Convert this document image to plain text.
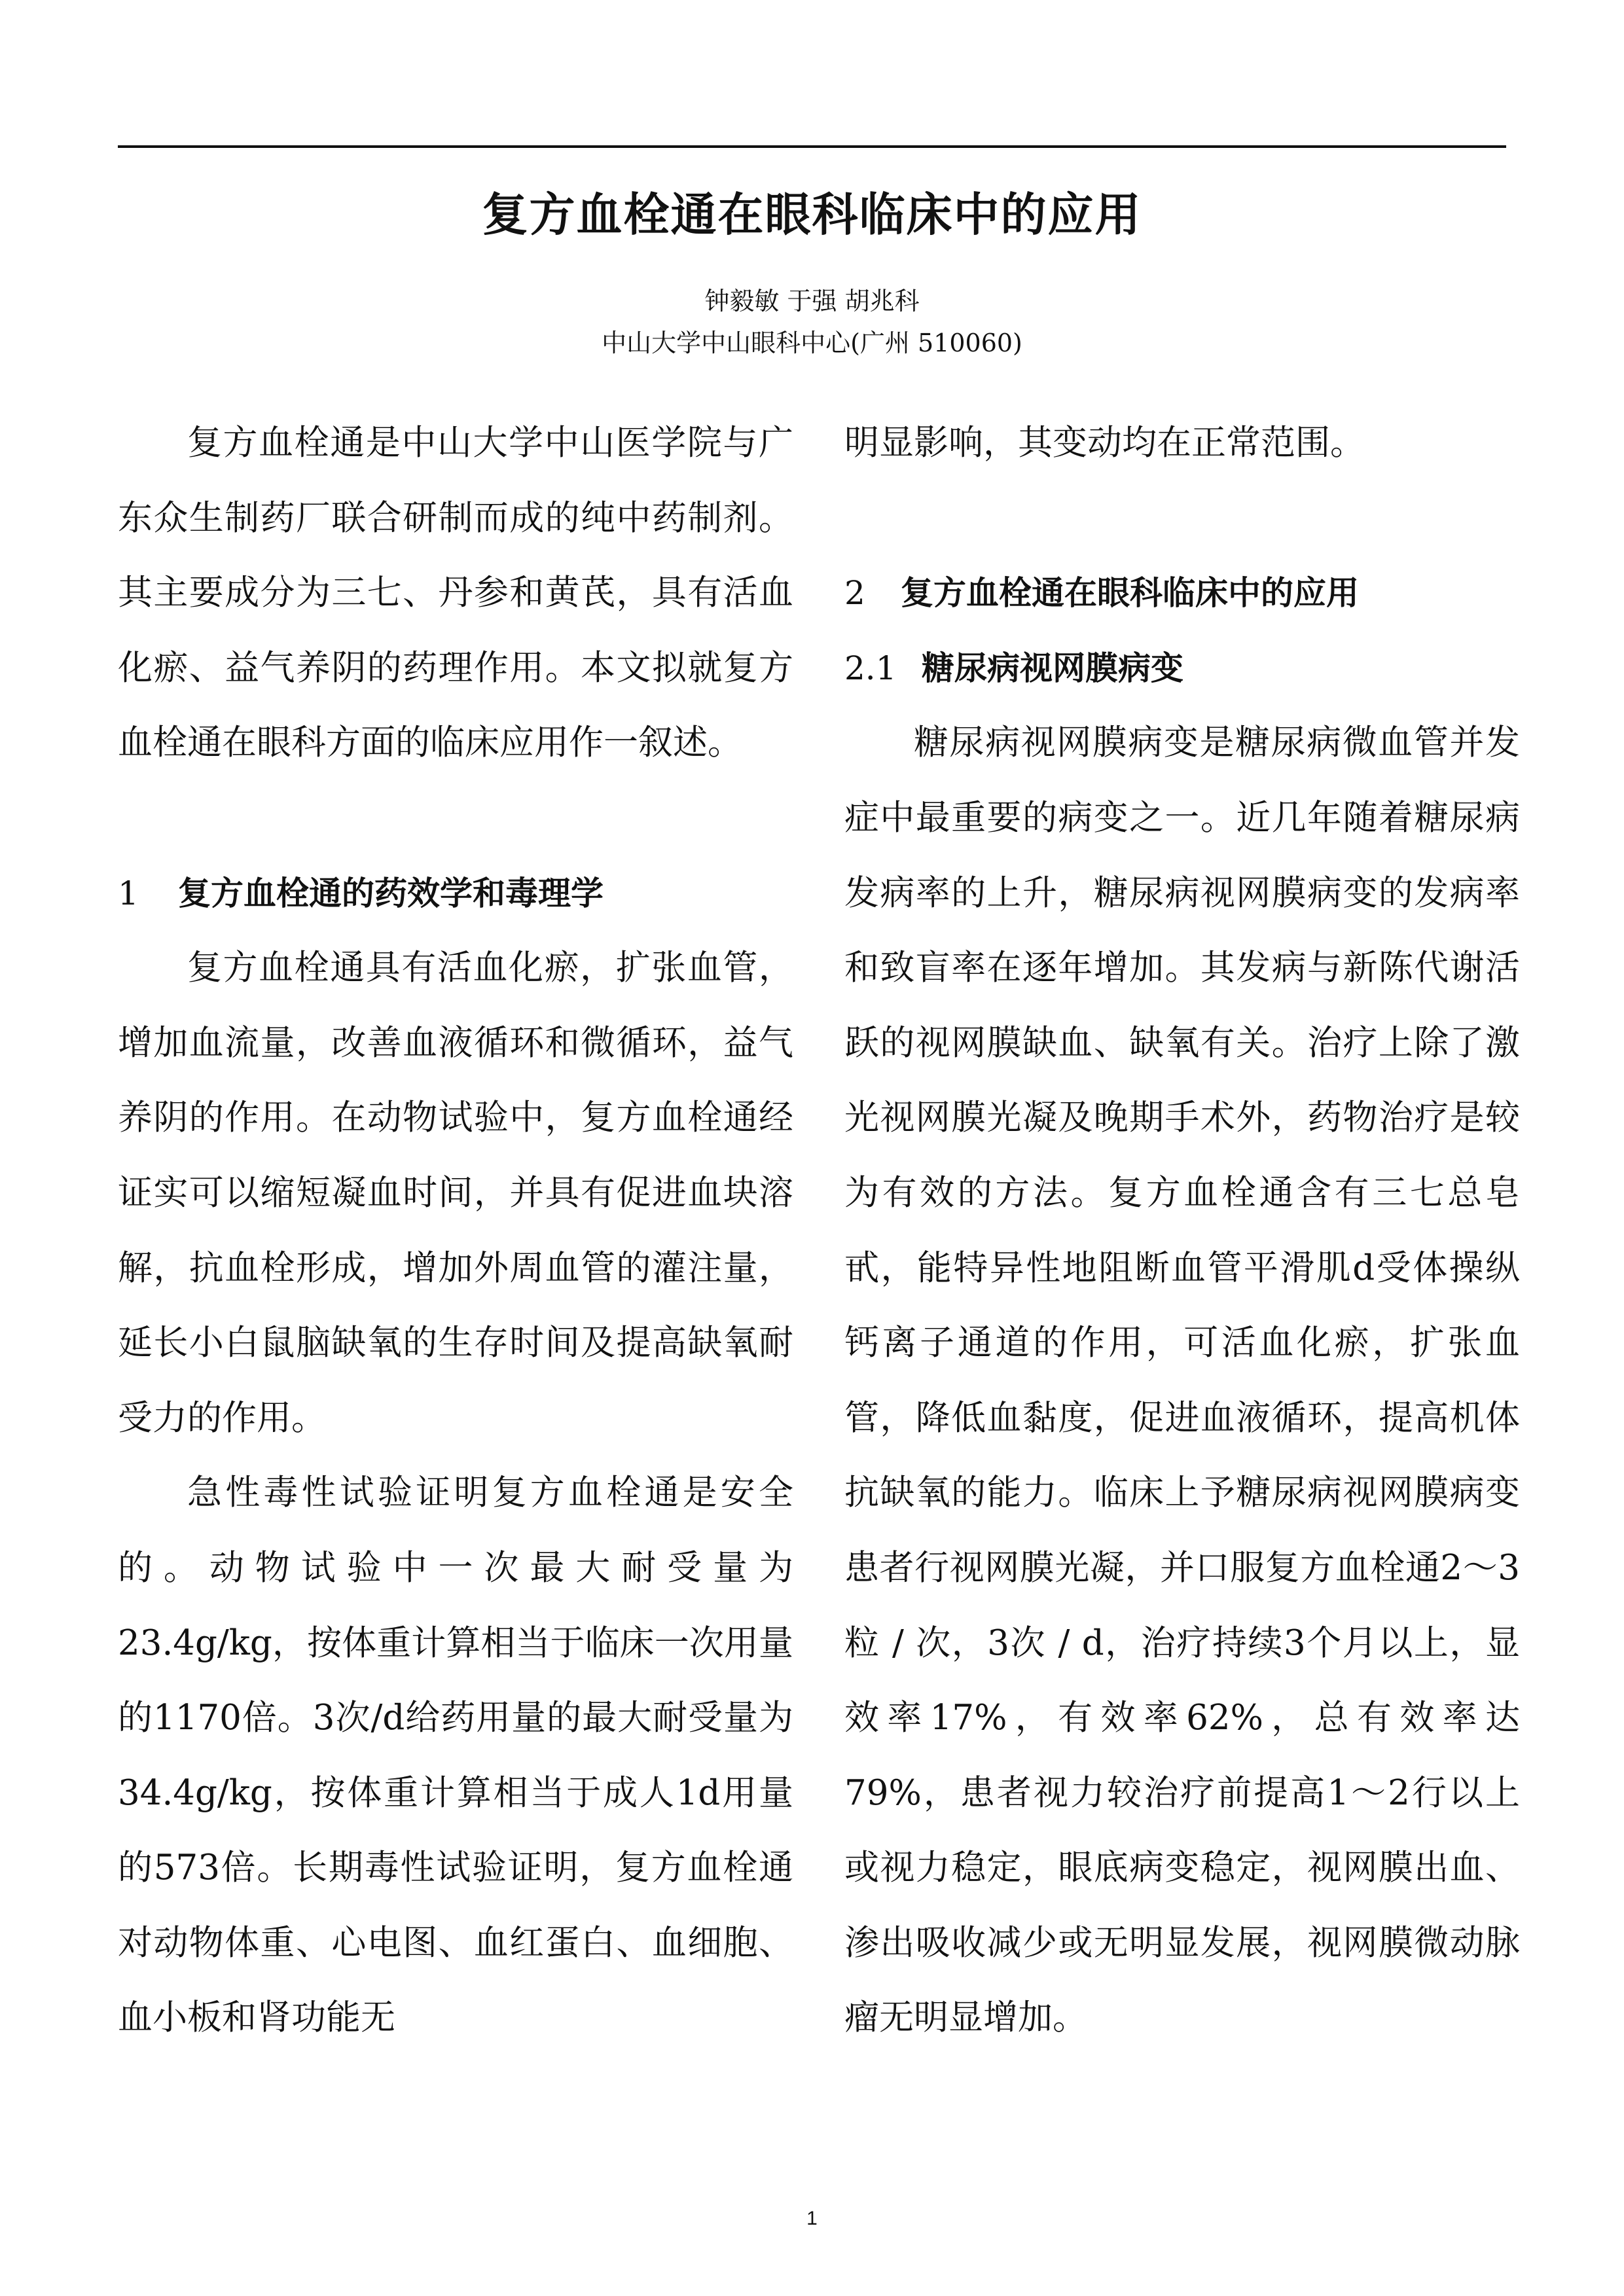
复方血栓通在眼科临床中的应用
钟毅敏 于强 胡兆科
中山大学中山眼科中心(广州 510060)

复方血栓通是中山大学中山医学院与广东众生制药厂联合研制而成的纯中药制剂。其主要成分为三七、丹参和黄芪，具有活血化瘀、益气养阴的药理作用。本文拟就复方血栓通在眼科方面的临床应用作一叙述。

1 复方血栓通的药效学和毒理学

复方血栓通具有活血化瘀，扩张血管，增加血流量，改善血液循环和微循环，益气养阴的作用。在动物试验中，复方血栓通经证实可以缩短凝血时间，并具有促进血块溶解，抗血栓形成，增加外周血管的灌注量，延长小白鼠脑缺氧的生存时间及提高缺氧耐受力的作用。

急性毒性试验证明复方血栓通是安全的。动物试验中一次最大耐受量为23.4g/kg，按体重计算相当于临床一次用量的1170倍。3次/d给药用量的最大耐受量为34.4g/kg，按体重计算相当于成人1d用量的573倍。长期毒性试验证明，复方血栓通对动物体重、心电图、血红蛋白、血细胞、血小板和肾功能无

明显影响，其变动均在正常范围。

2 复方血栓通在眼科临床中的应用

2.1 糖尿病视网膜病变

糖尿病视网膜病变是糖尿病微血管并发症中最重要的病变之一。近几年随着糖尿病发病率的上升，糖尿病视网膜病变的发病率和致盲率在逐年增加。其发病与新陈代谢活跃的视网膜缺血、缺氧有关。治疗上除了激光视网膜光凝及晚期手术外，药物治疗是较为有效的方法。复方血栓通含有三七总皂甙，能特异性地阻断血管平滑肌d受体操纵钙离子通道的作用，可活血化瘀，扩张血管，降低血黏度，促进血液循环，提高机体抗缺氧的能力。临床上予糖尿病视网膜病变患者行视网膜光凝，并口服复方血栓通2～3粒 / 次，3次 / d，治疗持续3个月以上，显效率17%，有效率62%，总有效率达79%，患者视力较治疗前提高1～2行以上或视力稳定，眼底病变稳定，视网膜出血、渗出吸收减少或无明显发展，视网膜微动脉瘤无明显增加。

1
